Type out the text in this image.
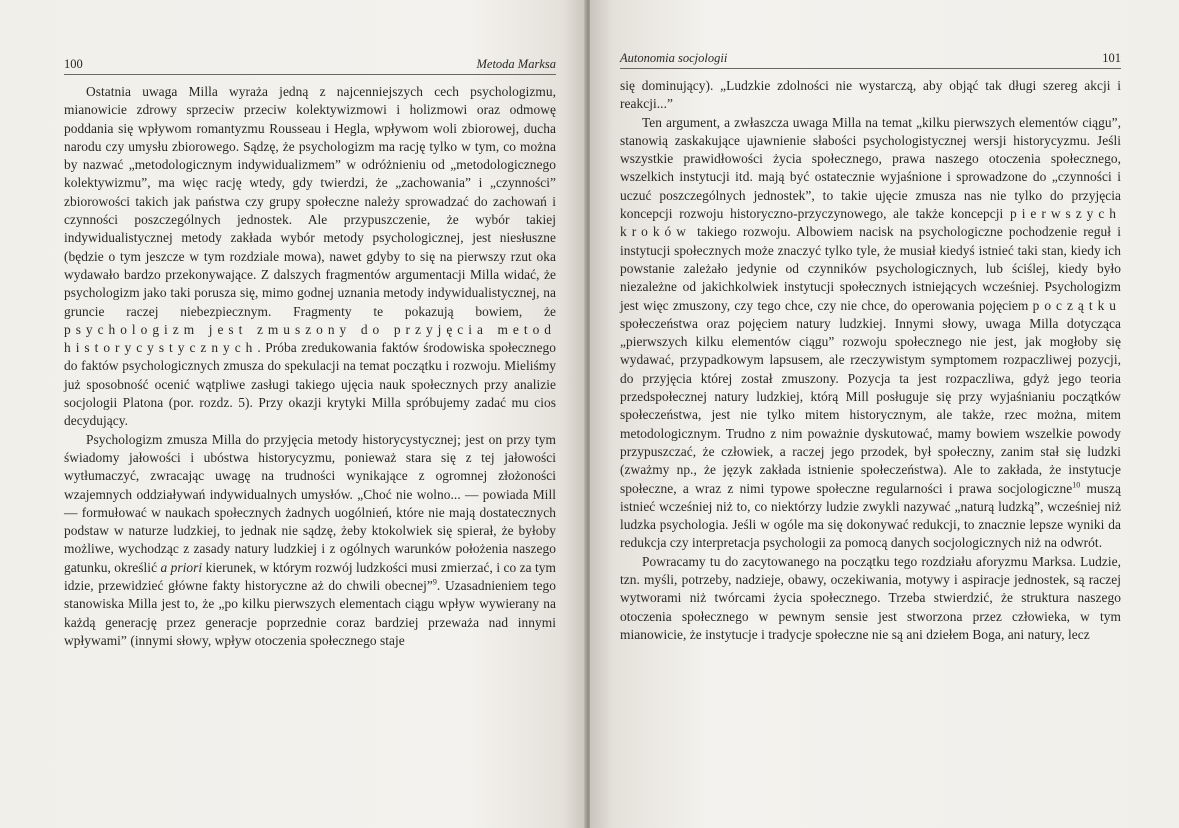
100	Metoda Marksa

Ostatnia uwaga Milla wyraża jedną z najcenniejszych cech psychologizmu, mianowicie zdrowy sprzeciw przeciw kolektywizmowi i holizmowi oraz odmowę poddania się wpływom romantyzmu Rousseau i Hegla, wpływom woli zbiorowej, ducha narodu czy umysłu zbiorowego. Sądzę, że psychologizm ma rację tylko w tym, co można by nazwać „metodologicznym indywidualizmem” w odróżnieniu od „metodologicznego kolektywizmu”, ma więc rację wtedy, gdy twierdzi, że „zachowania” i „czynności” zbiorowości takich jak państwa czy grupy społeczne należy sprowadzać do zachowań i czynności poszczególnych jednostek. Ale przypuszczenie, że wybór takiej indywidualistycznej metody zakłada wybór metody psychologicznej, jest niesłuszne (będzie o tym jeszcze w tym rozdziale mowa), nawet gdyby to się na pierwszy rzut oka wydawało bardzo przekonywające. Z dalszych fragmentów argumentacji Milla widać, że psychologizm jako taki porusza się, mimo godnej uznania metody indywidualistycznej, na gruncie raczej niebezpiecznym. Fragmenty te pokazują bowiem, że psychologizm jest zmuszony do przyjęcia metod historycystycznych. Próba zredukowania faktów środowiska społecznego do faktów psychologicznych zmusza do spekulacji na temat początku i rozwoju. Mieliśmy już sposobność ocenić wątpliwe zasługi takiego ujęcia nauk społecznych przy analizie socjologii Platona (por. rozdz. 5). Przy okazji krytyki Milla spróbujemy zadać mu cios decydujący.

Psychologizm zmusza Milla do przyjęcia metody historycystycznej; jest on przy tym świadomy jałowości i ubóstwa historycyzmu, ponieważ stara się z tej jałowości wytłumaczyć, zwracając uwagę na trudności wynikające z ogromnej złożoności wzajemnych oddziaływań indywidualnych umysłów. „Choć nie wolno... — powiada Mill — formułować w naukach społecznych żadnych uogólnień, które nie mają dostatecznych podstaw w naturze ludzkiej, to jednak nie sądzę, żeby ktokolwiek się spierał, że byłoby możliwe, wychodząc z zasady natury ludzkiej i z ogólnych warunków położenia naszego gatunku, określić a priori kierunek, w którym rozwój ludzkości musi zmierzać, i co za tym idzie, przewidzieć główne fakty historyczne aż do chwili obecnej”$^9$. Uzasadnieniem tego stanowiska Milla jest to, że „po kilku pierwszych elementach ciągu wpływ wywierany na każdą generację przez generacje poprzednie coraz bardziej przeważa nad innymi wpływami” (innymi słowy, wpływ otoczenia społecznego staje

Autonomia socjologii	101

się dominujący). „Ludzkie zdolności nie wystarczą, aby objąć tak długi szereg akcji i reakcji...”

Ten argument, a zwłaszcza uwaga Milla na temat „kilku pierwszych elementów ciągu”, stanowią zaskakujące ujawnienie słabości psychologistycznej wersji historycyzmu. Jeśli wszystkie prawidłowości życia społecznego, prawa naszego otoczenia społecznego, wszelkich instytucji itd. mają być ostatecznie wyjaśnione i sprowadzone do „czynności i uczuć poszczególnych jednostek”, to takie ujęcie zmusza nas nie tylko do przyjęcia koncepcji rozwoju historyczno-przyczynowego, ale także koncepcji pierwszych kroków takiego rozwoju. Albowiem nacisk na psychologiczne pochodzenie reguł i instytucji społecznych może znaczyć tylko tyle, że musiał kiedyś istnieć taki stan, kiedy ich powstanie zależało jedynie od czynników psychologicznych, lub ściślej, kiedy było niezależne od jakichkolwiek instytucji społecznych istniejących wcześniej. Psychologizm jest więc zmuszony, czy tego chce, czy nie chce, do operowania pojęciem początku społeczeństwa oraz pojęciem natury ludzkiej. Innymi słowy, uwaga Milla dotycząca „pierwszych kilku elementów ciągu” rozwoju społecznego nie jest, jak mogłoby się wydawać, przypadkowym lapsusem, ale rzeczywistym symptomem rozpaczliwej pozycji, do przyjęcia której został zmuszony. Pozycja ta jest rozpaczliwa, gdyż jego teoria przedspołecznej natury ludzkiej, którą Mill posługuje się przy wyjaśnianiu początków społeczeństwa, jest nie tylko mitem historycznym, ale także, rzec można, mitem metodologicznym. Trudno z nim poważnie dyskutować, mamy bowiem wszelkie powody przypuszczać, że człowiek, a raczej jego przodek, był społeczny, zanim stał się ludzki (zważmy np., że język zakłada istnienie społeczeństwa). Ale to zakłada, że instytucje społeczne, a wraz z nimi typowe społeczne regularności i prawa socjologiczne$^{10}$ muszą istnieć wcześniej niż to, co niektórzy ludzie zwykli nazywać „naturą ludzką”, wcześniej niż ludzka psychologia. Jeśli w ogóle ma się dokonywać redukcji, to znacznie lepsze wyniki da redukcja czy interpretacja psychologii za pomocą danych socjologicznych niż na odwrót.

Powracamy tu do zacytowanego na początku tego rozdziału aforyzmu Marksa. Ludzie, tzn. myśli, potrzeby, nadzieje, obawy, oczekiwania, motywy i aspiracje jednostek, są raczej wytworami niż twórcami życia społecznego. Trzeba stwierdzić, że struktura naszego otoczenia społecznego w pewnym sensie jest stworzona przez człowieka, w tym mianowicie, że instytucje i tradycje społeczne nie są ani dziełem Boga, ani natury, lecz
